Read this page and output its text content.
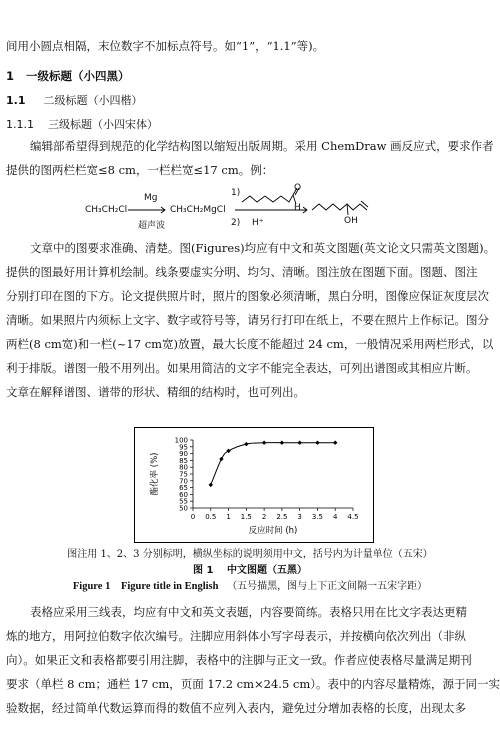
间用小圆点相隔，末位数字不加标点符号。如“1”，“1.1”等)。
1 一级标题（小四黑）
1.1 二级标题（小四楷）
1.1.1 三级标题（小四宋体）
编辑部希望得到规范的化学结构图以缩短出版周期。采用 ChemDraw 画反应式，要求作者
提供的图两栏栏宽≤8 cm，一栏栏宽≤17 cm。例：
CH₃CH₂Cl
Mg
超声波
CH₃CH₂MgCl
1)
2) H⁺
H
O
OH
文章中的图要求准确、清楚。图(Figures)均应有中文和英文图题(英文论文只需英文图题)。
提供的图最好用计算机绘制。线条要虚实分明、均匀、清晰。图注放在图题下面。图题、图注
分别打印在图的下方。论文提供照片时，照片的图象必须清晰，黑白分明，图像应保证灰度层次
清晰。如果照片内须标上文字、数字或符号等，请另行打印在纸上，不要在照片上作标记。图分
两栏(8 cm宽)和一栏(~17 cm宽)放置，最大长度不能超过 24 cm，一般情况采用两栏形式，以
利于排版。谱图一般不用列出。如果用简洁的文字不能完全表达，可列出谱图或其相应片断。
文章在解释谱图、谱带的形状、精细的结构时，也可列出。
50
55
60
65
70
75
80
85
90
95
100
0 0.5 1 1.5 2 2.5 3 3.5 4 4.5
反应时间 (h)
酯化率 (%)
图注用 1、2、3 分别标明，横纵坐标的说明须用中文，括号内为计量单位（五宋）
图 1 中文图题（五黑）
Figure 1 Figure title in English （五号描黑，图与上下正文间隔一五宋字距）
表格应采用三线表，均应有中文和英文表题，内容要简练。表格只用在比文字表达更精
炼的地方，用阿拉伯数字依次编号。注脚应用斜体小写字母表示，并按横向依次列出（非纵
向）。如果正文和表格都要引用注脚，表格中的注脚与正文一致。作者应使表格尽量满足期刊
要求（单栏 8 cm；通栏 17 cm，页面 17.2 cm×24.5 cm）。表中的内容尽量精炼，源于同一实
验数据，经过简单代数运算而得的数值不应列入表内，避免过分增加表格的长度，出现太多
